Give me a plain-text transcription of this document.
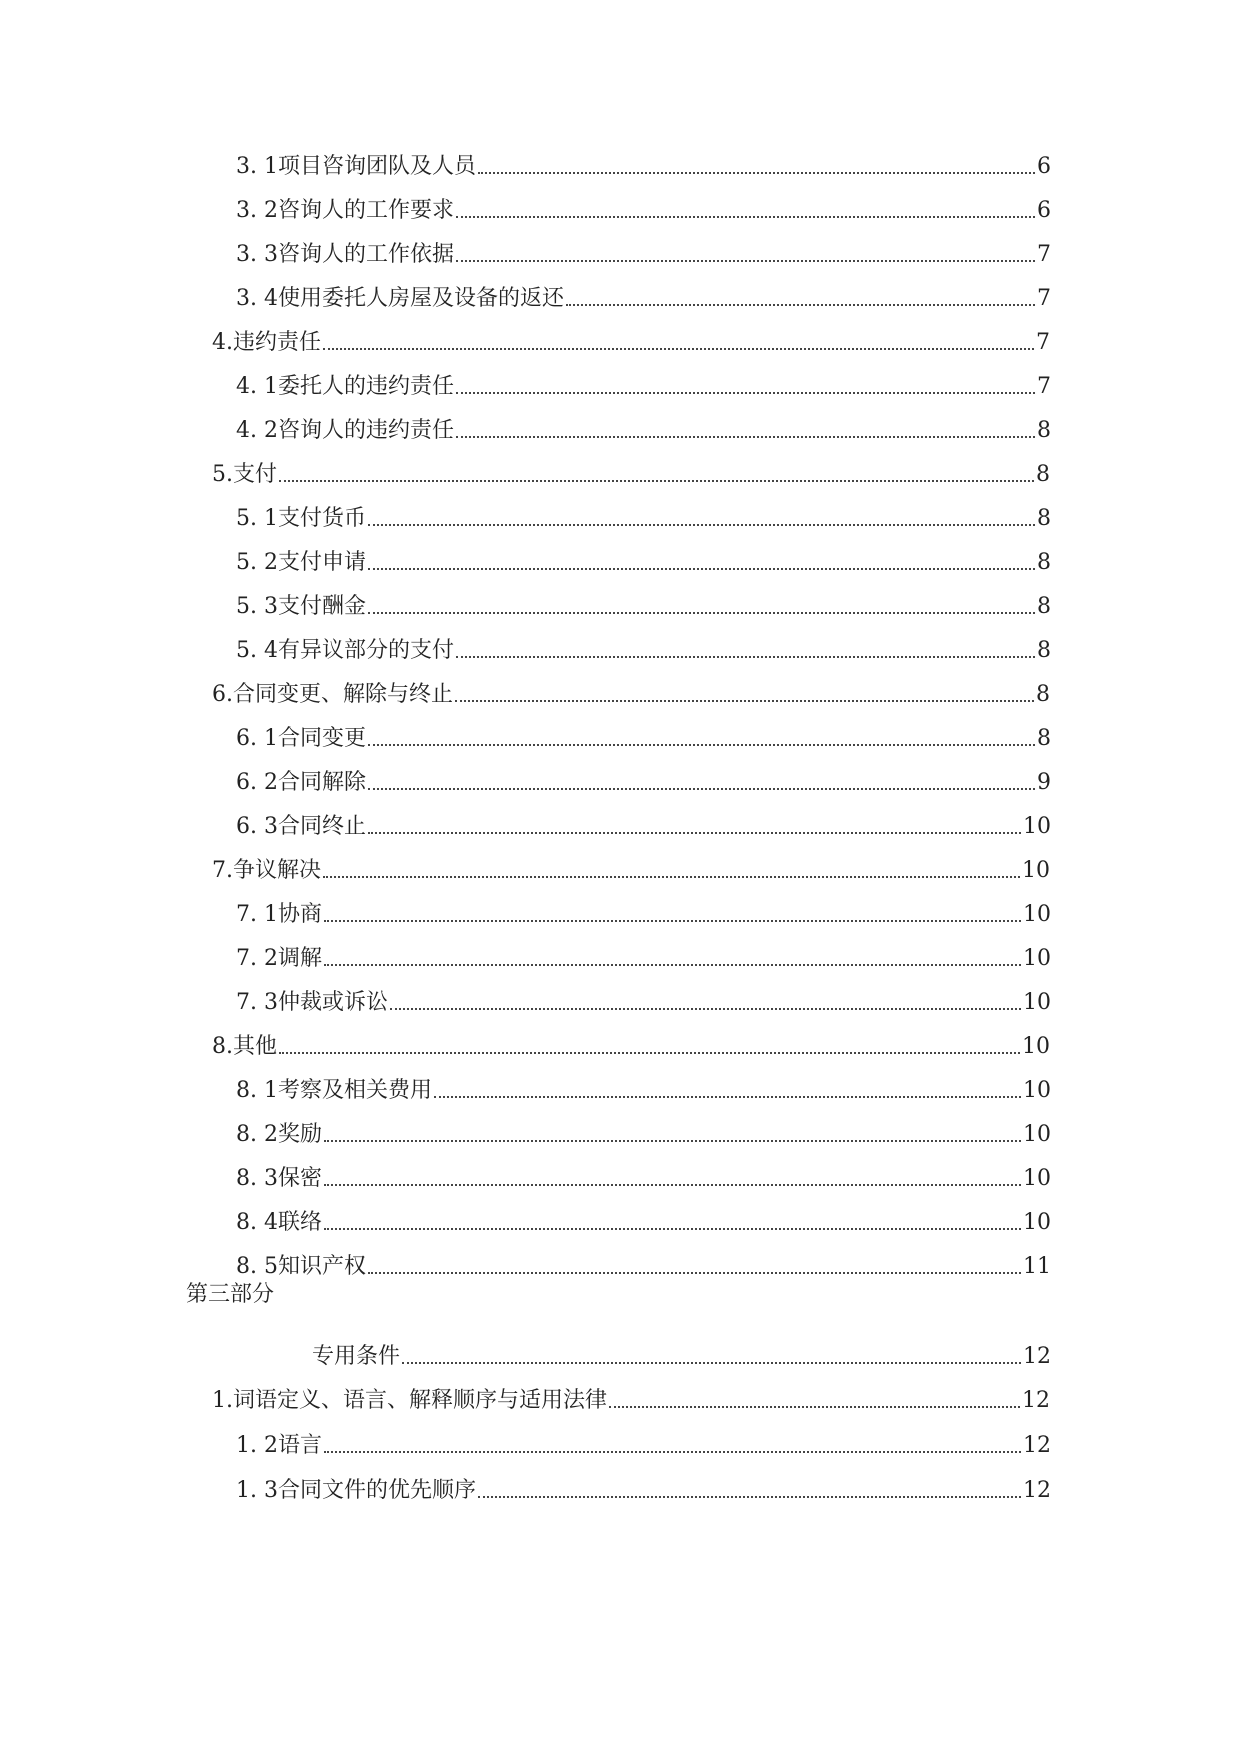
3. 1 项目咨询团队及人员	6
3. 2 咨询人的工作要求	6
3. 3 咨询人的工作依据	7
3. 4 使用委托人房屋及设备的返还	7
4. 违约责任	7
4. 1 委托人的违约责任	7
4. 2 咨询人的违约责任	8
5. 支付	8
5. 1 支付货币	8
5. 2 支付申请	8
5. 3 支付酬金	8
5. 4 有异议部分的支付	8
6. 合同变更、解除与终止	8
6. 1 合同变更	8
6. 2 合同解除	9
6. 3 合同终止	10
7. 争议解决	10
7. 1 协商	10
7. 2 调解	10
7. 3 仲裁或诉讼	10
8. 其他	10
8. 1 考察及相关费用	10
8. 2 奖励	10
8. 3 保密	10
8. 4 联络	10
8. 5 知识产权	11
第三部分
专用条件	12
1. 词语定义、语言、解释顺序与适用法律	12
1. 2 语言	12
1. 3 合同文件的优先顺序	12
